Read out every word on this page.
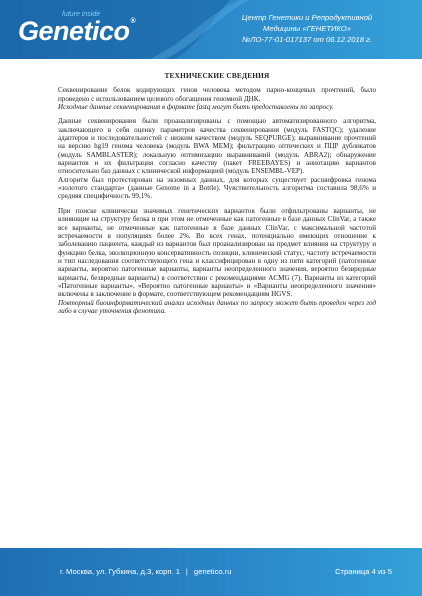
future inside
Genetico®	Центр Генетики и Репродуктивной
Медицины «ГЕНЕТИКО»
№ЛО-77-01-017137 от 06.12.2018 г.
ТЕХНИЧЕСКИЕ СВЕДЕНИЯ

Секвенирование белок кодирующих генов человека методом парно-концевых прочтений, было проведено с использованием целевого обогащения геномной ДНК.

Исходные данные секвенирования в формате fastq могут быть предоставлены по запросу.

Данные секвенирования были проанализированы с помощью автоматизированного алгоритма, заключающего в себя оценку параметров качества секвенирования (модуль FASTQC); удаление адаптеров и последовательностей с низким качеством (модуль SEQPURGE); выравнивание прочтений на версию hg19 генома человека (модуль BWA MEM); фильтрацию оптических и ПЦР дубликатов (модуль SAMBLASTER); локальную оптимизацию выравниваний (модуль ABRA2); обнаружение вариантов и их фильтрация согласно качеству (пакет FREEBAYES) и аннотацию вариантов относительно баз данных с клинической информацией (модуль ENSEMBL-VEP).

Алгоритм был протестирован на экзомных данных, для которых существует расшифровка генома «золотого стандарта» (данные Genome in a Bottle). Чувствительность алгоритма составила 98,6% и средняя специфичность 99,1%.

При поиске клинически значимых генетических вариантов были отфильтрованы варианты, не влияющие на структуру белка и при этом не отмеченные как патогенные в базе данных ClinVar, а также все варианты, не отмеченные как патогенные в базе данных ClinVar, с максимальной частотой встречаемости в популяциях более 2%. Во всех генах, потенциально имеющих отношение к заболеванию пациента, каждый из вариантов был проанализирован на предмет влияния на структуру и функцию белка, эволюционную консервативность позиции, клинический статус, частоту встречаемости и тип наследования соответствующего гена и классифицирован в одну из пяти категорий (патогенные варианты, вероятно патогенные варианты, варианты неопределенного значения, вероятно безвредные варианты, безвредные варианты) в соответствии с рекомендациями ACMG (7). Варианты из категорий «Патогенные варианты», «Вероятно патогенные варианты» и «Варианты неопределенного значения» включены в заключение в формате, соответствующем рекомендациям HGVS.

Повторный биоинформатический анализ исходных данных по запросу может быть проведен через год либо в случае уточнения фенотипа.

г. Москва, ул. Губкина, д.3, корп. 1 | genetico.ru	Страница 4 из 5
